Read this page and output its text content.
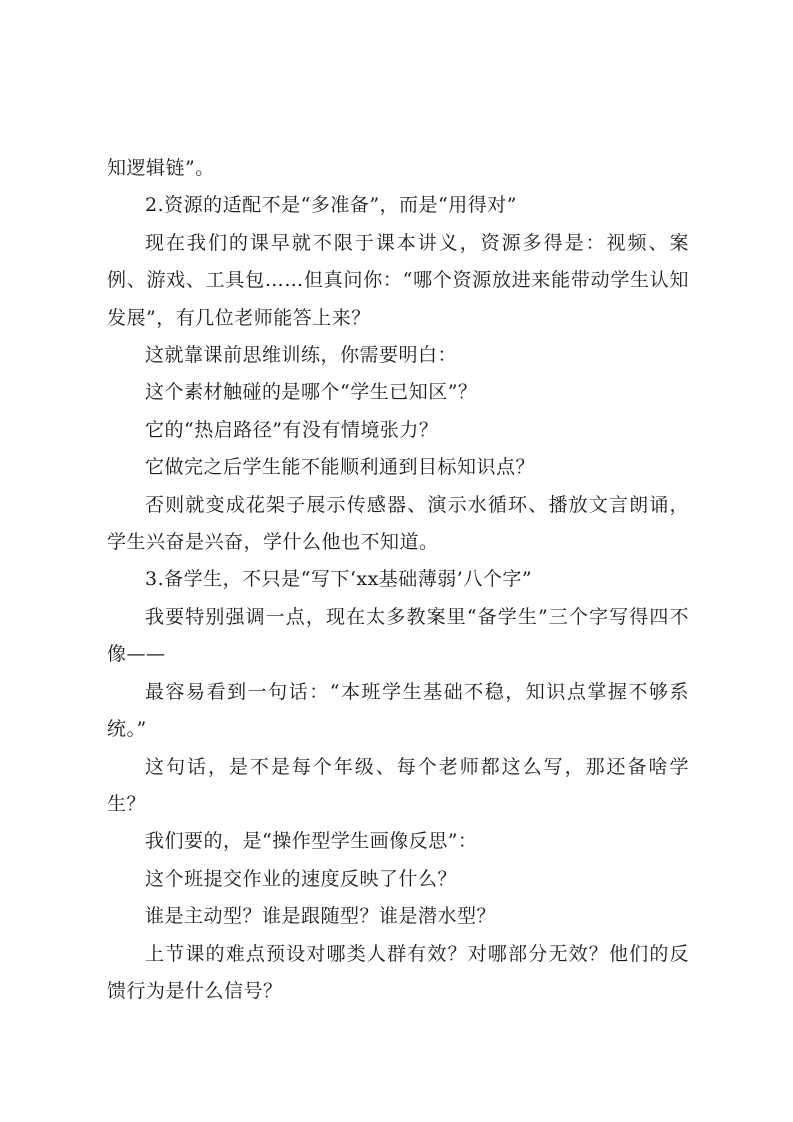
知逻辑链”。

2.资源的适配不是“多准备”，而是“用得对”

现在我们的课早就不限于课本讲义，资源多得是：视频、案例、游戏、工具包……但真问你：“哪个资源放进来能带动学生认知发展”，有几位老师能答上来？

这就靠课前思维训练，你需要明白：

这个素材触碰的是哪个“学生已知区”？

它的“热启路径”有没有情境张力？

它做完之后学生能不能顺利通到目标知识点？

否则就变成花架子展示传感器、演示水循环、播放文言朗诵，学生兴奋是兴奋，学什么他也不知道。

3.备学生，不只是“写下‘xx基础薄弱’八个字”

我要特别强调一点，现在太多教案里“备学生”三个字写得四不像——

最容易看到一句话：“本班学生基础不稳，知识点掌握不够系统。”

这句话，是不是每个年级、每个老师都这么写，那还备啥学生？

我们要的，是“操作型学生画像反思”：

这个班提交作业的速度反映了什么？

谁是主动型？谁是跟随型？谁是潜水型？

上节课的难点预设对哪类人群有效？对哪部分无效？他们的反馈行为是什么信号？
